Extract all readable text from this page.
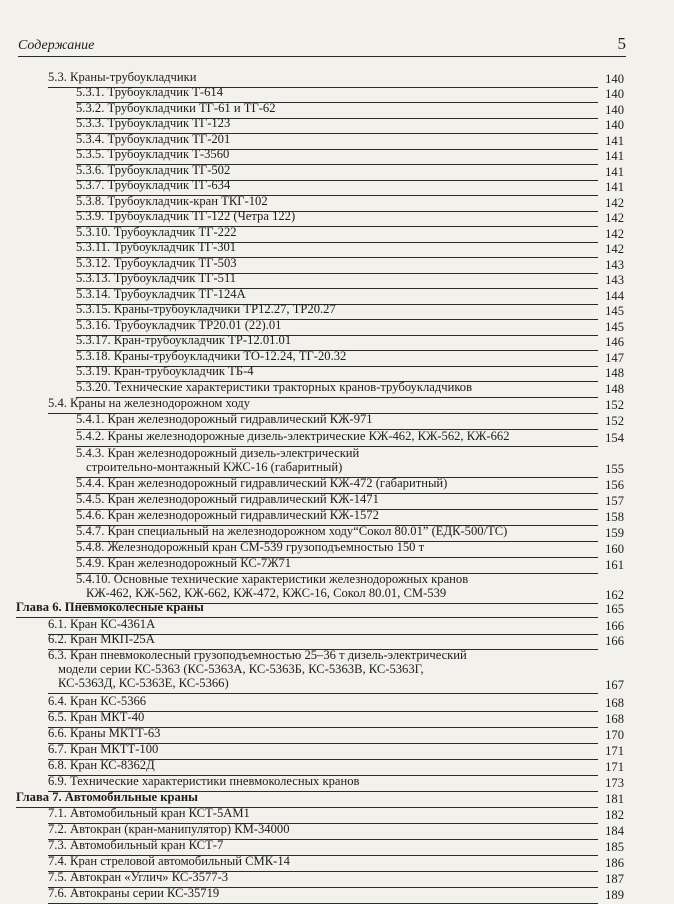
Содержание	5
5.3. Краны-трубоукладчики	140
5.3.1. Трубоукладчик Т-614	140
5.3.2. Трубоукладчики ТГ-61 и ТГ-62	140
5.3.3. Трубоукладчик ТГ-123	140
5.3.4. Трубоукладчик ТГ-201	141
5.3.5. Трубоукладчик Т-3560	141
5.3.6. Трубоукладчик ТГ-502	141
5.3.7. Трубоукладчик ТГ-634	141
5.3.8. Трубоукладчик-кран ТКГ-102	142
5.3.9. Трубоукладчик ТГ-122 (Четра 122)	142
5.3.10. Трубоукладчик ТГ-222	142
5.3.11. Трубоукладчик ТГ-301	142
5.3.12. Трубоукладчик ТГ-503	143
5.3.13. Трубоукладчик ТГ-511	143
5.3.14. Трубоукладчик ТГ-124А	144
5.3.15. Краны-трубоукладчики ТР12.27, ТР20.27	145
5.3.16. Трубоукладчик ТР20.01 (22).01	145
5.3.17. Кран-трубоукладчик ТР-12.01.01	146
5.3.18. Краны-трубоукладчики ТО-12.24, ТГ-20.32	147
5.3.19. Кран-трубоукладчик ТБ-4	148
5.3.20. Технические характеристики тракторных кранов-трубоукладчиков	148
5.4. Краны на железнодорожном ходу	152
5.4.1. Кран железнодорожный гидравлический КЖ-971	152
5.4.2. Краны железнодорожные дизель-электрические КЖ-462, КЖ-562, КЖ-662	154
5.4.3. Кран железнодорожный дизель-электрический
строительно-монтажный КЖС-16 (габаритный)	155
5.4.4. Кран железнодорожный гидравлический КЖ-472 (габаритный)	156
5.4.5. Кран железнодорожный гидравлический КЖ-1471	157
5.4.6. Кран железнодорожный гидравлический КЖ-1572	158
5.4.7. Кран специальный на железнодорожном ходу“Сокол 80.01” (ЕДК-500/ТС)	159
5.4.8. Железнодорожный кран СМ-539 грузоподъемностью 150 т	160
5.4.9. Кран железнодорожный КС-7Ж71	161
5.4.10. Основные технические характеристики железнодорожных кранов
КЖ-462, КЖ-562, КЖ-662, КЖ-472, КЖС-16, Сокол 80.01, СМ-539	162
Глава 6. Пневмоколесные краны	165
6.1. Кран КС-4361А	166
6.2. Кран МКП-25А	166
6.3. Кран пневмоколесный грузоподъемностью 25–36 т дизель-электрический
модели серии КС-5363 (КС-5363А, КС-5363Б, КС-5363В, КС-5363Г,
КС-5363Д, КС-5363Е, КС-5366)	167
6.4. Кран КС-5366	168
6.5. Кран МКТ-40	168
6.6. Краны МКТТ-63	170
6.7. Кран МКТТ-100	171
6.8. Кран КС-8362Д	171
6.9. Технические характеристики пневмоколесных кранов	173
Глава 7. Автомобильные краны	181
7.1. Автомобильный кран КСТ-5АМ1	182
7.2. Автокран (кран-манипулятор) КМ-34000	184
7.3. Автомобильный кран КСТ-7	185
7.4. Кран стреловой автомобильный СМК-14	186
7.5. Автокран «Углич» КС-3577-3	187
7.6. Автокраны серии КС-35719	189
